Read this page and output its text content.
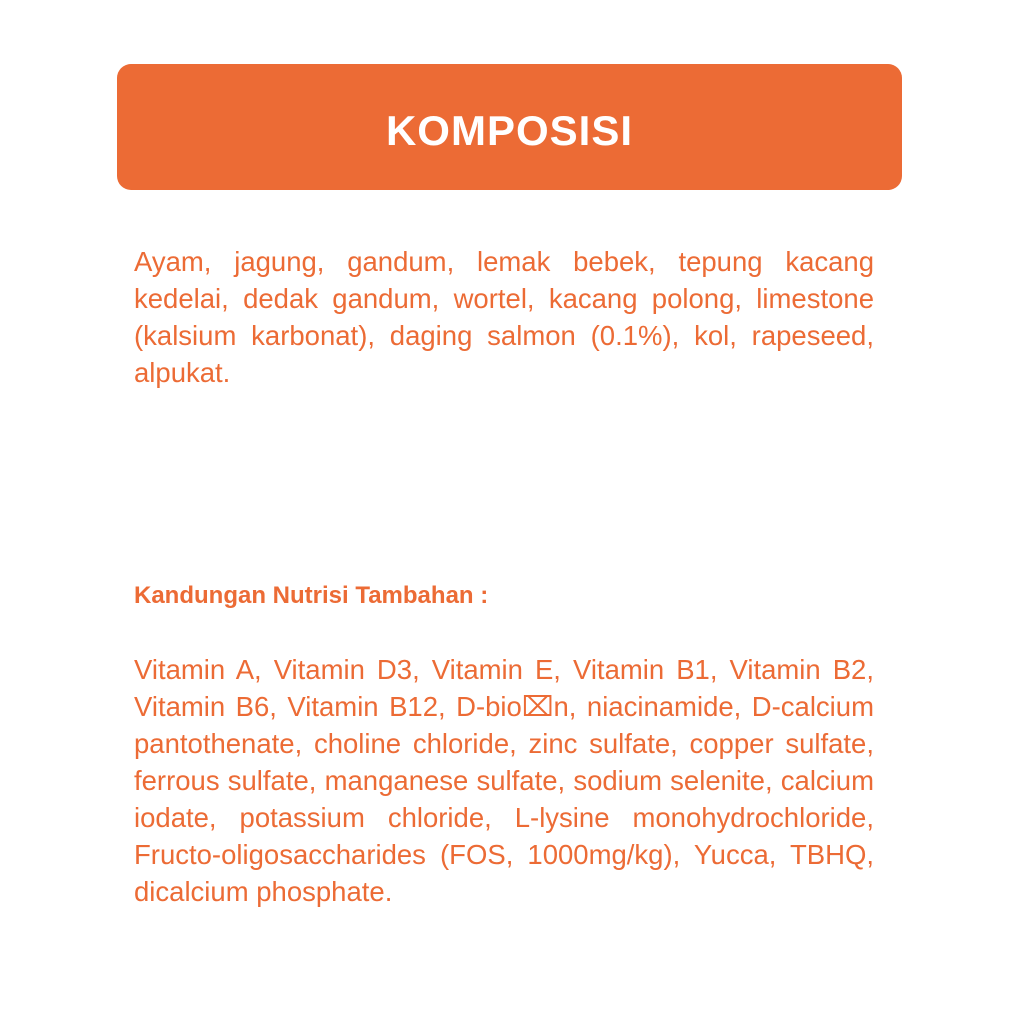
KOMPOSISI

Ayam, jagung, gandum, lemak bebek, tepung kacang kedelai, dedak gandum, wortel, kacang polong, limestone (kalsium karbonat), daging salmon (0.1%), kol, rapeseed, alpukat.

Kandungan Nutrisi Tambahan :

Vitamin A, Vitamin D3, Vitamin E, Vitamin B1, Vitamin B2, Vitamin B6, Vitamin B12, D-bio⌧n, niacinamide, D-calcium pantothenate, choline chloride, zinc sulfate, copper sulfate, ferrous sulfate, manganese sulfate, sodium selenite, calcium iodate, potassium chloride, L-lysine monohydrochloride, Fructo-oligosaccharides (FOS, 1000mg/kg), Yucca, TBHQ, dicalcium phosphate.
